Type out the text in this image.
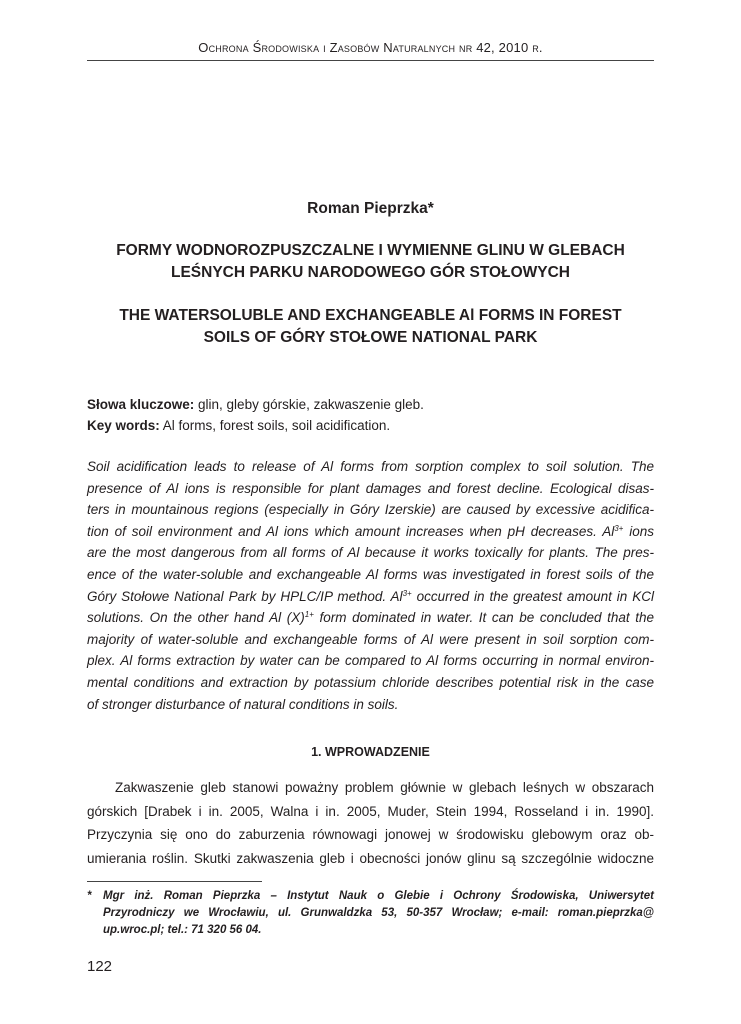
Ochrona Środowiska i Zasobów Naturalnych nr 42, 2010 r.
Roman Pieprzka*
FORMY WODNOROZPUSZCZALNE I WYMIENNE GLINU W GLEBACH
LEŚNYCH PARKU NARODOWEGO GÓR STOŁOWYCH
THE WATERSOLUBLE AND EXCHANGEABLE Al FORMS IN FOREST
SOILS OF GÓRY STOŁOWE NATIONAL PARK
Słowa kluczowe: glin, gleby górskie, zakwaszenie gleb.
Key words: Al forms, forest soils, soil acidification.
Soil acidification leads to release of Al forms from sorption complex to soil solution. The
presence of Al ions is responsible for plant damages and forest decline. Ecological disas-
ters in mountainous regions (especially in Góry Izerskie) are caused by excessive acidifica-
tion of soil environment and Al ions which amount increases when pH decreases. $Al^{3+}$ ions
are the most dangerous from all forms of Al because it works toxically for plants. The pres-
ence of the water-soluble and exchangeable Al forms was investigated in forest soils of the
Góry Stołowe National Park by HPLC/IP method. $Al^{3+}$ occurred in the greatest amount in KCl
solutions. On the other hand Al $(X)^{1+}$ form dominated in water. It can be concluded that the
majority of water-soluble and exchangeable forms of Al were present in soil sorption com-
plex. Al forms extraction by water can be compared to Al forms occurring in normal environ-
mental conditions and extraction by potassium chloride describes potential risk in the case
of stronger disturbance of natural conditions in soils.
1. WPROWADZENIE
Zakwaszenie gleb stanowi poważny problem głównie w glebach leśnych w obszarach
górskich [Drabek i in. 2005, Walna i in. 2005, Muder, Stein 1994, Rosseland i in. 1990].
Przyczynia się ono do zaburzenia równowagi jonowej w środowisku glebowym oraz ob-
umierania roślin. Skutki zakwaszenia gleb i obecności jonów glinu są szczególnie widoczne
* Mgr inż. Roman Pieprzka – Instytut Nauk o Glebie i Ochrony Środowiska, Uniwersytet
Przyrodniczy we Wrocławiu, ul. Grunwaldzka 53, 50-357 Wrocław; e-mail: roman.pieprzka@
up.wroc.pl; tel.: 71 320 56 04.
122
